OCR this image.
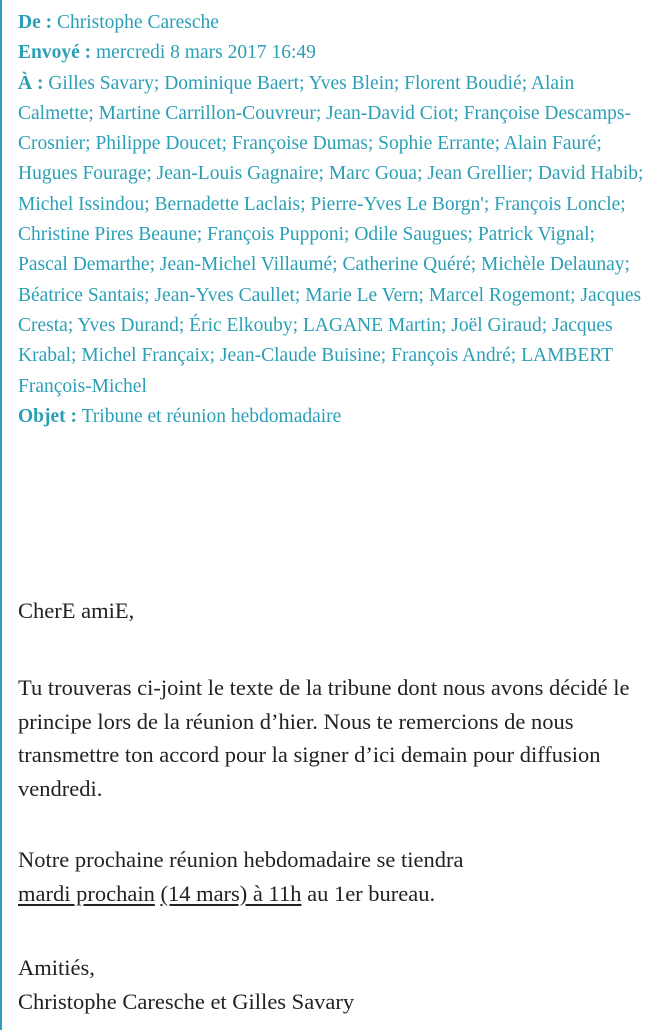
De : Christophe Caresche
Envoyé : mercredi 8 mars 2017 16:49
À : Gilles Savary; Dominique Baert; Yves Blein; Florent Boudié; Alain Calmette; Martine Carrillon-Couvreur; Jean-David Ciot; Françoise Descamps-Crosnier; Philippe Doucet; Françoise Dumas; Sophie Errante; Alain Fauré; Hugues Fourage; Jean-Louis Gagnaire; Marc Goua; Jean Grellier; David Habib; Michel Issindou; Bernadette Laclais; Pierre-Yves Le Borgn'; François Loncle; Christine Pires Beaune; François Pupponi; Odile Saugues; Patrick Vignal; Pascal Demarthe; Jean-Michel Villaumé; Catherine Quéré; Michèle Delaunay; Béatrice Santais; Jean-Yves Caullet; Marie Le Vern; Marcel Rogemont; Jacques Cresta; Yves Durand; Éric Elkouby; LAGANE Martin; Joël Giraud; Jacques Krabal; Michel Françaix; Jean-Claude Buisine; François André; LAMBERT François-Michel
Objet : Tribune et réunion hebdomadaire

CherE amiE,

Tu trouveras ci-joint le texte de la tribune dont nous avons décidé le principe lors de la réunion d’hier. Nous te remercions de nous transmettre ton accord pour la signer d’ici demain pour diffusion vendredi.

Notre prochaine réunion hebdomadaire se tiendra
mardi prochain (14 mars) à 11h au 1er bureau.

Amitiés,
Christophe Caresche et Gilles Savary
